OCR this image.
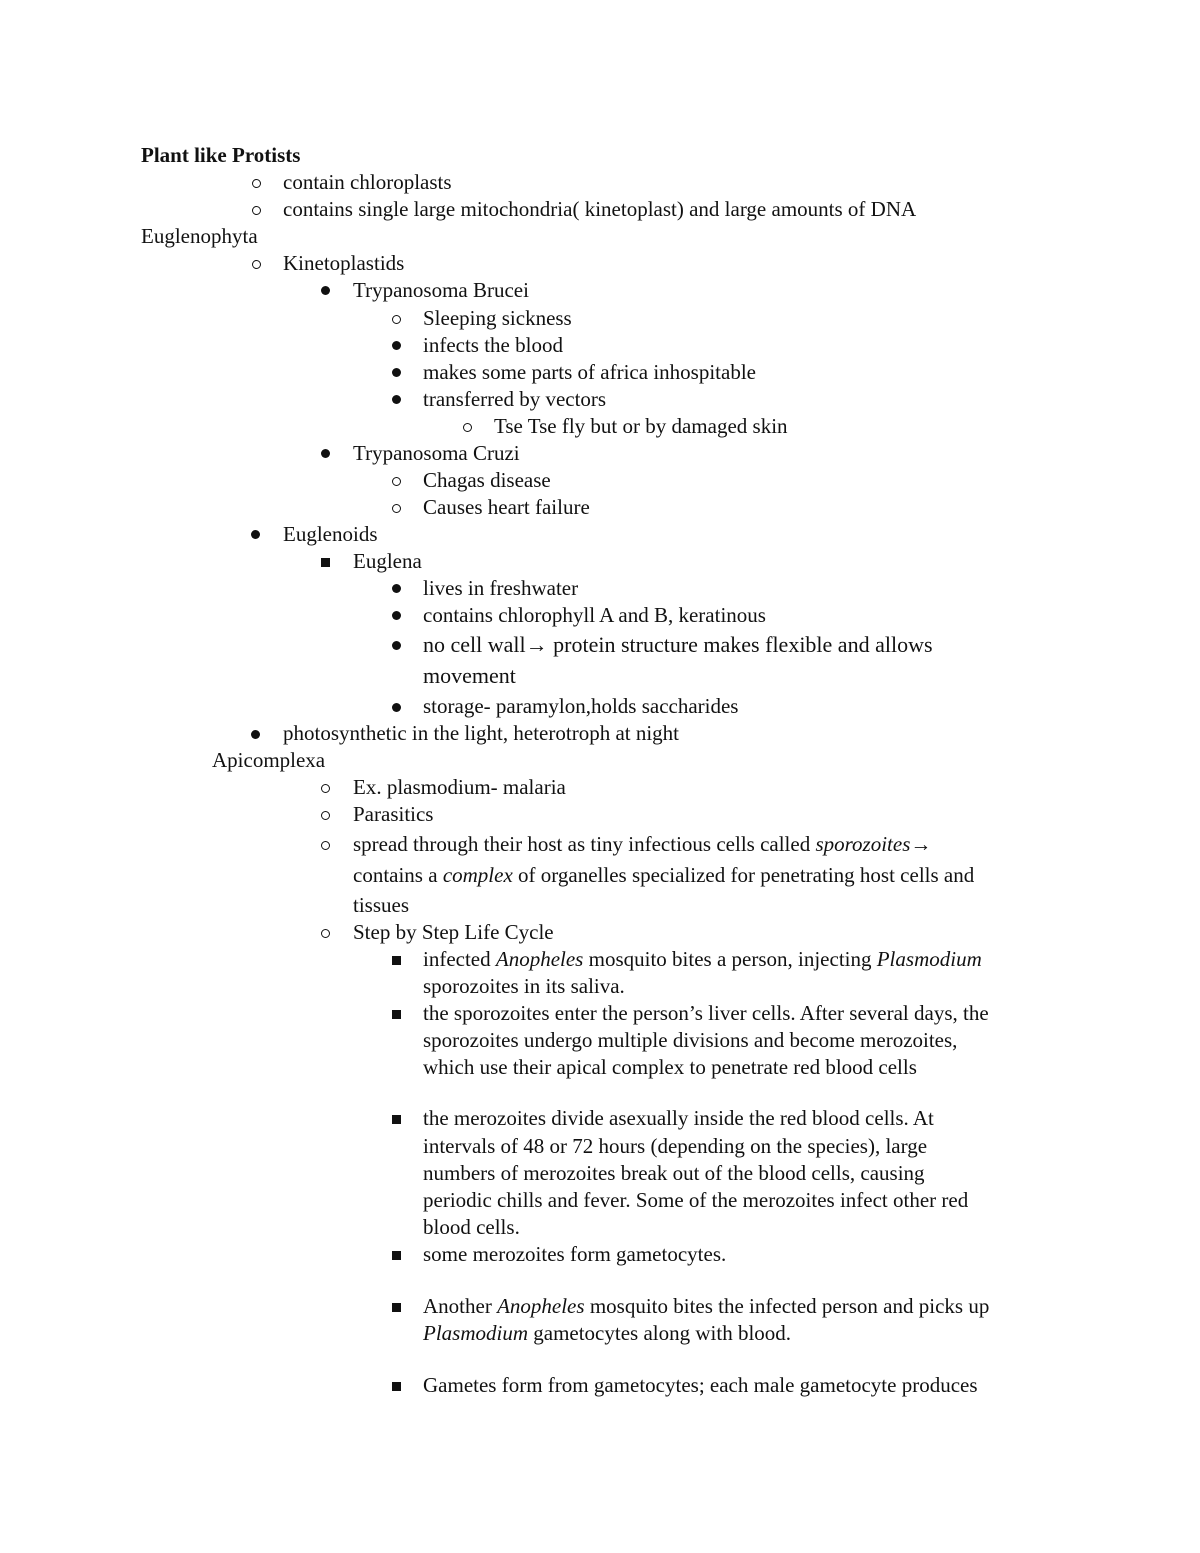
Plant like Protists
contain chloroplasts
contains single large mitochondria( kinetoplast) and large amounts of DNA
Euglenophyta
Kinetoplastids
Trypanosoma Brucei
Sleeping sickness
infects the blood
makes some parts of africa inhospitable
transferred by vectors
Tse Tse fly but or by damaged skin
Trypanosoma Cruzi
Chagas disease
Causes heart failure
Euglenoids
Euglena
lives in freshwater
contains chlorophyll A and B, keratinous
no cell wall→ protein structure makes flexible and allows
movement
storage- paramylon,holds saccharides
photosynthetic in the light, heterotroph at night
Apicomplexa
Ex. plasmodium- malaria
Parasitics
spread through their host as tiny infectious cells called sporozoites→
contains a complex of organelles specialized for penetrating host cells and
tissues
Step by Step Life Cycle
infected Anopheles mosquito bites a person, injecting Plasmodium
sporozoites in its saliva.
the sporozoites enter the person’s liver cells. After several days, the
sporozoites undergo multiple divisions and become merozoites,
which use their apical complex to penetrate red blood cells
the merozoites divide asexually inside the red blood cells. At
intervals of 48 or 72 hours (depending on the species), large
numbers of merozoites break out of the blood cells, causing
periodic chills and fever. Some of the merozoites infect other red
blood cells.
some merozoites form gametocytes.
Another Anopheles mosquito bites the infected person and picks up
Plasmodium gametocytes along with blood.
Gametes form from gametocytes; each male gametocyte produces
